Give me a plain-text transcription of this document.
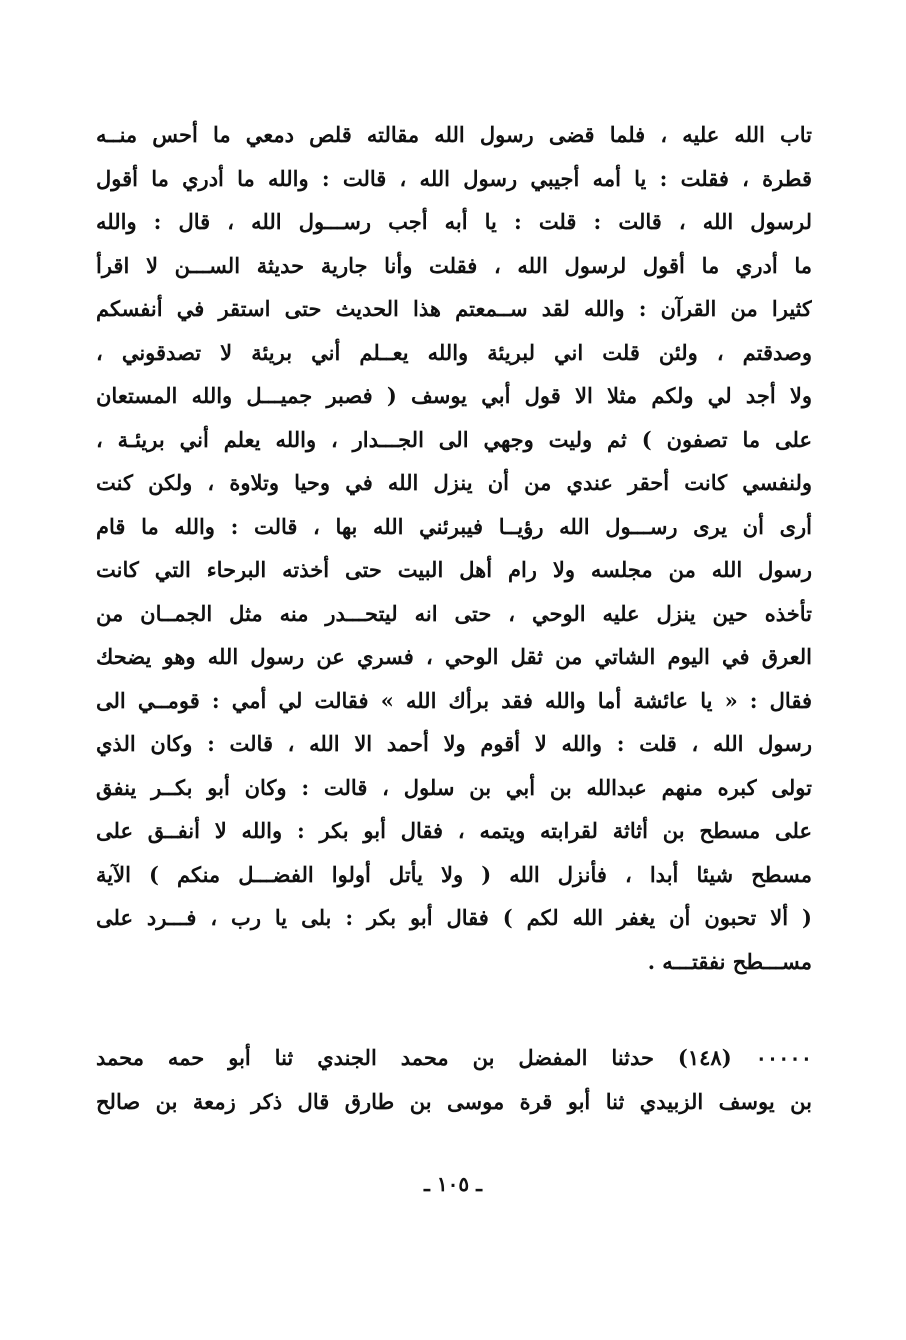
تاب الله عليه ، فلما قضى رسول الله مقالته قلص دمعي ما أحس منــه
قطرة ، فقلت : يا أمه أجيبي رسول الله ، قالت : والله ما أدري ما أقول
لرسول الله ، قالت : قلت : يا أبه أجب رســـول الله ، قال : والله
ما أدري ما أقول لرسول الله ، فقلت وأنا جارية حديثة الســـن لا اقرأ
كثيرا من القرآن : والله لقد ســمعتم هذا الحديث حتى استقر في أنفسكم
وصدقتم ، ولئن قلت اني لبريئة والله يعــلم أني بريئة لا تصدقوني ،
ولا أجد لي ولكم مثلا الا قول أبي يوسف ( فصبر جميـــل والله المستعان
على ما تصفون ) ثم وليت وجهي الى الجـــدار ، والله يعلم أني بريئـة ،
ولنفسي كانت أحقر عندي من أن ينزل الله في وحيا وتلاوة ، ولكن كنت
أرى أن يرى رســـول الله رؤيــا فيبرئني الله بها ، قالت : والله ما قام
رسول الله من مجلسه ولا رام أهل البيت حتى أخذته البرحاء التي كانت
تأخذه حين ينزل عليه الوحي ، حتى انه ليتحـــدر منه مثل الجمــان من
العرق في اليوم الشاتي من ثقل الوحي ، فسري عن رسول الله وهو يضحك
فقال : « يا عائشة أما والله فقد برأك الله » فقالت لي أمي : قومــي الى
رسول الله ، قلت : والله لا أقوم ولا أحمد الا الله ، قالت : وكان الذي
تولى كبره منهم عبدالله بن أبي بن سلول ، قالت : وكان أبو بكــر ينفق
على مسطح بن أثاثة لقرابته ويتمه ، فقال أبو بكر : والله لا أنفــق على
مسطح شيئا أبدا ، فأنزل الله ( ولا يأتل أولوا الفضـــل منكم ) الآية
( ألا تحبون أن يغفر الله لكم ) فقال أبو بكر : بلى يا رب ، فـــرد على
مســـطح نفقتـــه .
٠٠٠٠٠ (١٤٨) حدثنا المفضل بن محمد الجندي ثنا أبو حمه محمد
بن يوسف الزبيدي ثنا أبو قرة موسى بن طارق قال ذكر زمعة بن صالح
ـ ١٠٥ ـ
